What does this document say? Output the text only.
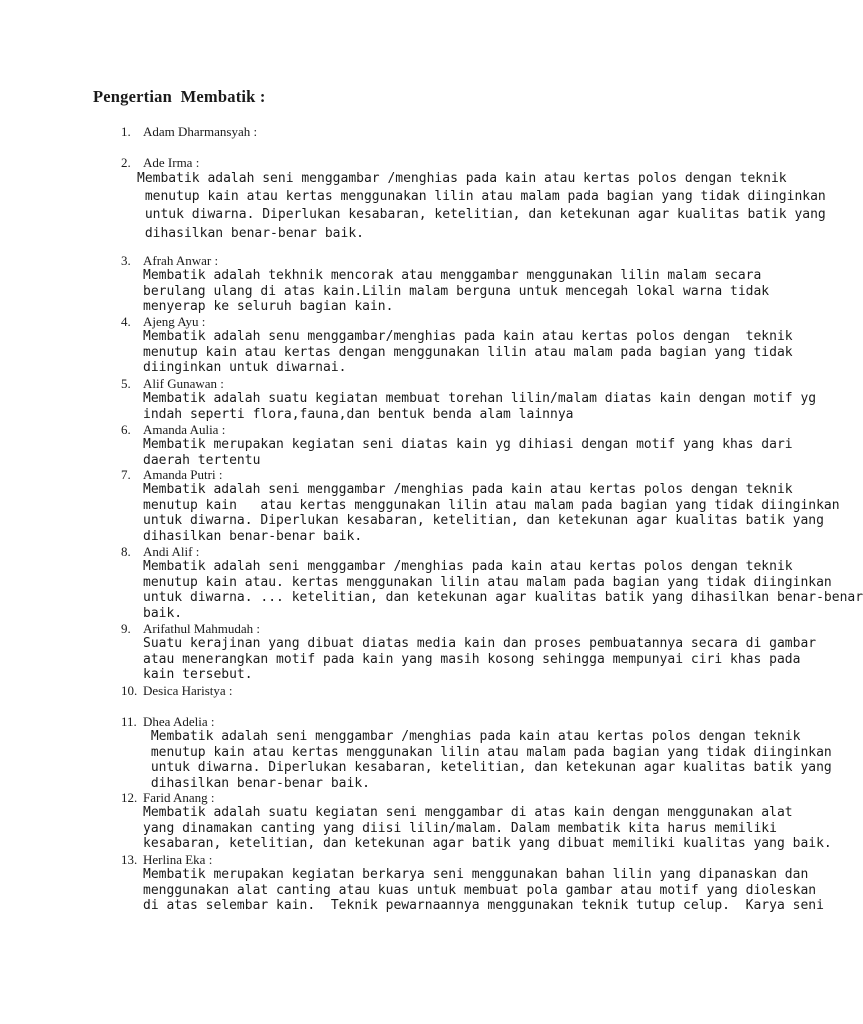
Pengertian  Membatik :
1. Adam Dharmansyah :
2. Ade Irma :
Membatik adalah seni menggambar /menghias pada kain atau kertas polos dengan teknik
menutup kain atau kertas menggunakan lilin atau malam pada bagian yang tidak diinginkan
untuk diwarna. Diperlukan kesabaran, ketelitian, dan ketekunan agar kualitas batik yang
dihasilkan benar-benar baik.
3. Afrah Anwar :
Membatik adalah tekhnik mencorak atau menggambar menggunakan lilin malam secara
berulang ulang di atas kain.Lilin malam berguna untuk mencegah lokal warna tidak
menyerap ke seluruh bagian kain.
4. Ajeng Ayu :
Membatik adalah senu menggambar/menghias pada kain atau kertas polos dengan  teknik
menutup kain atau kertas dengan menggunakan lilin atau malam pada bagian yang tidak
diinginkan untuk diwarnai.
5. Alif Gunawan :
Membatik adalah suatu kegiatan membuat torehan lilin/malam diatas kain dengan motif yg
indah seperti flora,fauna,dan bentuk benda alam lainnya
6. Amanda Aulia :
Membatik merupakan kegiatan seni diatas kain yg dihiasi dengan motif yang khas dari
daerah tertentu
7. Amanda Putri :
Membatik adalah seni menggambar /menghias pada kain atau kertas polos dengan teknik
menutup kain   atau kertas menggunakan lilin atau malam pada bagian yang tidak diinginkan
untuk diwarna. Diperlukan kesabaran, ketelitian, dan ketekunan agar kualitas batik yang
dihasilkan benar-benar baik.
8. Andi Alif :
Membatik adalah seni menggambar /menghias pada kain atau kertas polos dengan teknik
menutup kain atau. kertas menggunakan lilin atau malam pada bagian yang tidak diinginkan
untuk diwarna. ... ketelitian, dan ketekunan agar kualitas batik yang dihasilkan benar-benar
baik.
9. Arifathul Mahmudah :
Suatu kerajinan yang dibuat diatas media kain dan proses pembuatannya secara di gambar
atau menerangkan motif pada kain yang masih kosong sehingga mempunyai ciri khas pada
kain tersebut.
10. Desica Haristya :
11. Dhea Adelia :
Membatik adalah seni menggambar /menghias pada kain atau kertas polos dengan teknik
menutup kain atau kertas menggunakan lilin atau malam pada bagian yang tidak diinginkan
untuk diwarna. Diperlukan kesabaran, ketelitian, dan ketekunan agar kualitas batik yang
dihasilkan benar-benar baik.
12. Farid Anang :
Membatik adalah suatu kegiatan seni menggambar di atas kain dengan menggunakan alat
yang dinamakan canting yang diisi lilin/malam. Dalam membatik kita harus memiliki
kesabaran, ketelitian, dan ketekunan agar batik yang dibuat memiliki kualitas yang baik.
13. Herlina Eka :
Membatik merupakan kegiatan berkarya seni menggunakan bahan lilin yang dipanaskan dan
menggunakan alat canting atau kuas untuk membuat pola gambar atau motif yang dioleskan
di atas selembar kain.  Teknik pewarnaannya menggunakan teknik tutup celup.  Karya seni
